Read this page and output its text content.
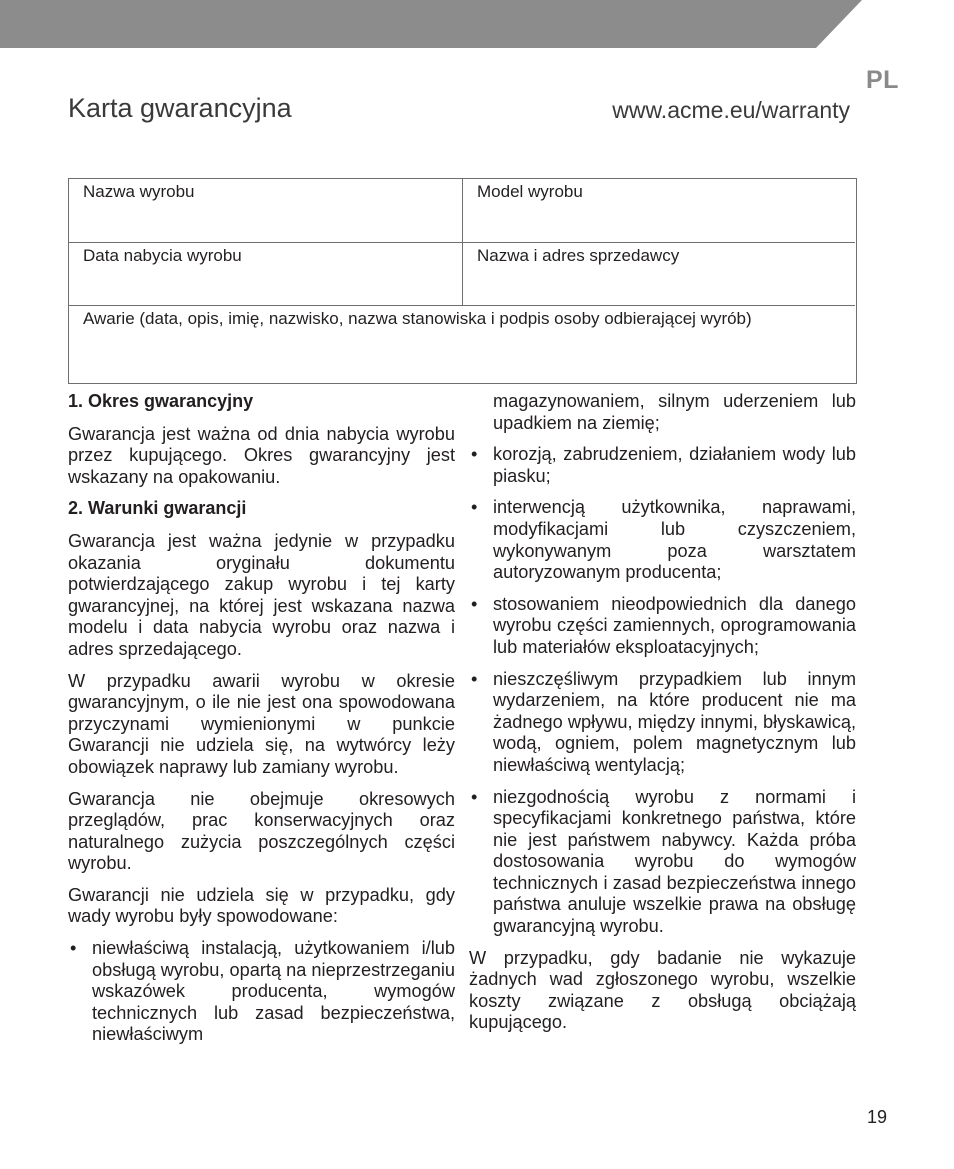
PL
Karta gwarancyjna	www.acme.eu/warranty
Nazwa wyrobu	Model wyrobu
Data nabycia wyrobu	Nazwa i adres sprzedawcy
Awarie (data, opis, imię, nazwisko, nazwa stanowiska i podpis osoby odbierającej wyrób)
1. Okres gwarancyjny

Gwarancja jest ważna od dnia nabycia wyrobu przez kupującego. Okres gwarancyjny jest wskazany na opakowaniu.

2. Warunki gwarancji

Gwarancja jest ważna jedynie w przypadku okazania oryginału dokumentu potwierdzającego zakup wyrobu i tej karty gwarancyjnej, na której jest wskazana nazwa modelu i data nabycia wyrobu oraz nazwa i adres sprzedającego.

W przypadku awarii wyrobu w okresie gwarancyjnym, o ile nie jest ona spowodowana przyczynami wymienionymi w punkcie Gwarancji nie udziela się, na wytwórcy leży obowiązek naprawy lub zamiany wyrobu.

Gwarancja nie obejmuje okresowych przeglądów, prac konserwacyjnych oraz naturalnego zużycia poszczególnych części wyrobu.

Gwarancji nie udziela się w przypadku, gdy wady wyrobu były spowodowane:

• niewłaściwą instalacją, użytkowaniem i/lub obsługą wyrobu, opartą na nieprzestrzeganiu wskazówek producenta, wymogów technicznych lub zasad bezpieczeństwa, niewłaściwym

magazynowaniem, silnym uderzeniem lub upadkiem na ziemię;

• korozją, zabrudzeniem, działaniem wody lub piasku;
• interwencją użytkownika, naprawami, modyfikacjami lub czyszczeniem, wykonywanym poza warsztatem autoryzowanym producenta;
• stosowaniem nieodpowiednich dla danego wyrobu części zamiennych, oprogramowania lub materiałów eksploatacyjnych;
• nieszczęśliwym przypadkiem lub innym wydarzeniem, na które producent nie ma żadnego wpływu, między innymi, błyskawicą, wodą, ogniem, polem magnetycznym lub niewłaściwą wentylacją;
• niezgodnością wyrobu z normami i specyfikacjami konkretnego państwa, które nie jest państwem nabywcy. Każda próba dostosowania wyrobu do wymogów technicznych i zasad bezpieczeństwa innego państwa anuluje wszelkie prawa na obsługę gwarancyjną wyrobu.

W przypadku, gdy badanie nie wykazuje żadnych wad zgłoszonego wyrobu, wszelkie koszty związane z obsługą obciążają kupującego.

19
